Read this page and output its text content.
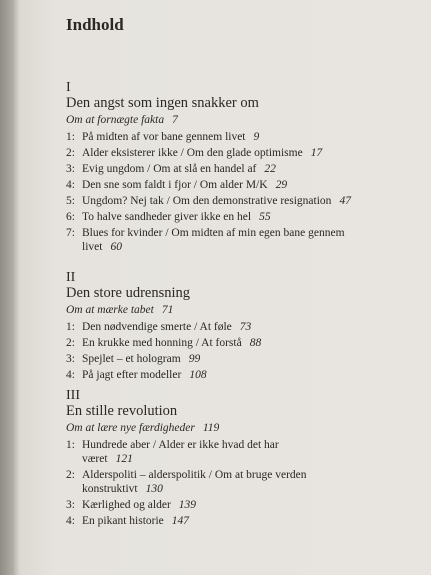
Indhold
I
Den angst som ingen snakker om
Om at fornægte fakta 7
1: På midten af vor bane gennem livet 9
2: Alder eksisterer ikke / Om den glade optimisme 17
3: Evig ungdom / Om at slå en handel af 22
4: Den sne som faldt i fjor / Om alder M/K 29
5: Ungdom? Nej tak / Om den demonstrative resignation 47
6: To halve sandheder giver ikke en hel 55
7: Blues for kvinder / Om midten af min egen bane gennem livet 60
II
Den store udrensning
Om at mærke tabet 71
1: Den nødvendige smerte / At føle 73
2: En krukke med honning / At forstå 88
3: Spejlet – et hologram 99
4: På jagt efter modeller 108
III
En stille revolution
Om at lære nye færdigheder 119
1: Hundrede aber / Alder er ikke hvad det har været 121
2: Alderspoliti – alderspolitik / Om at bruge verden konstruktivt 130
3: Kærlighed og alder 139
4: En pikant historie 147
